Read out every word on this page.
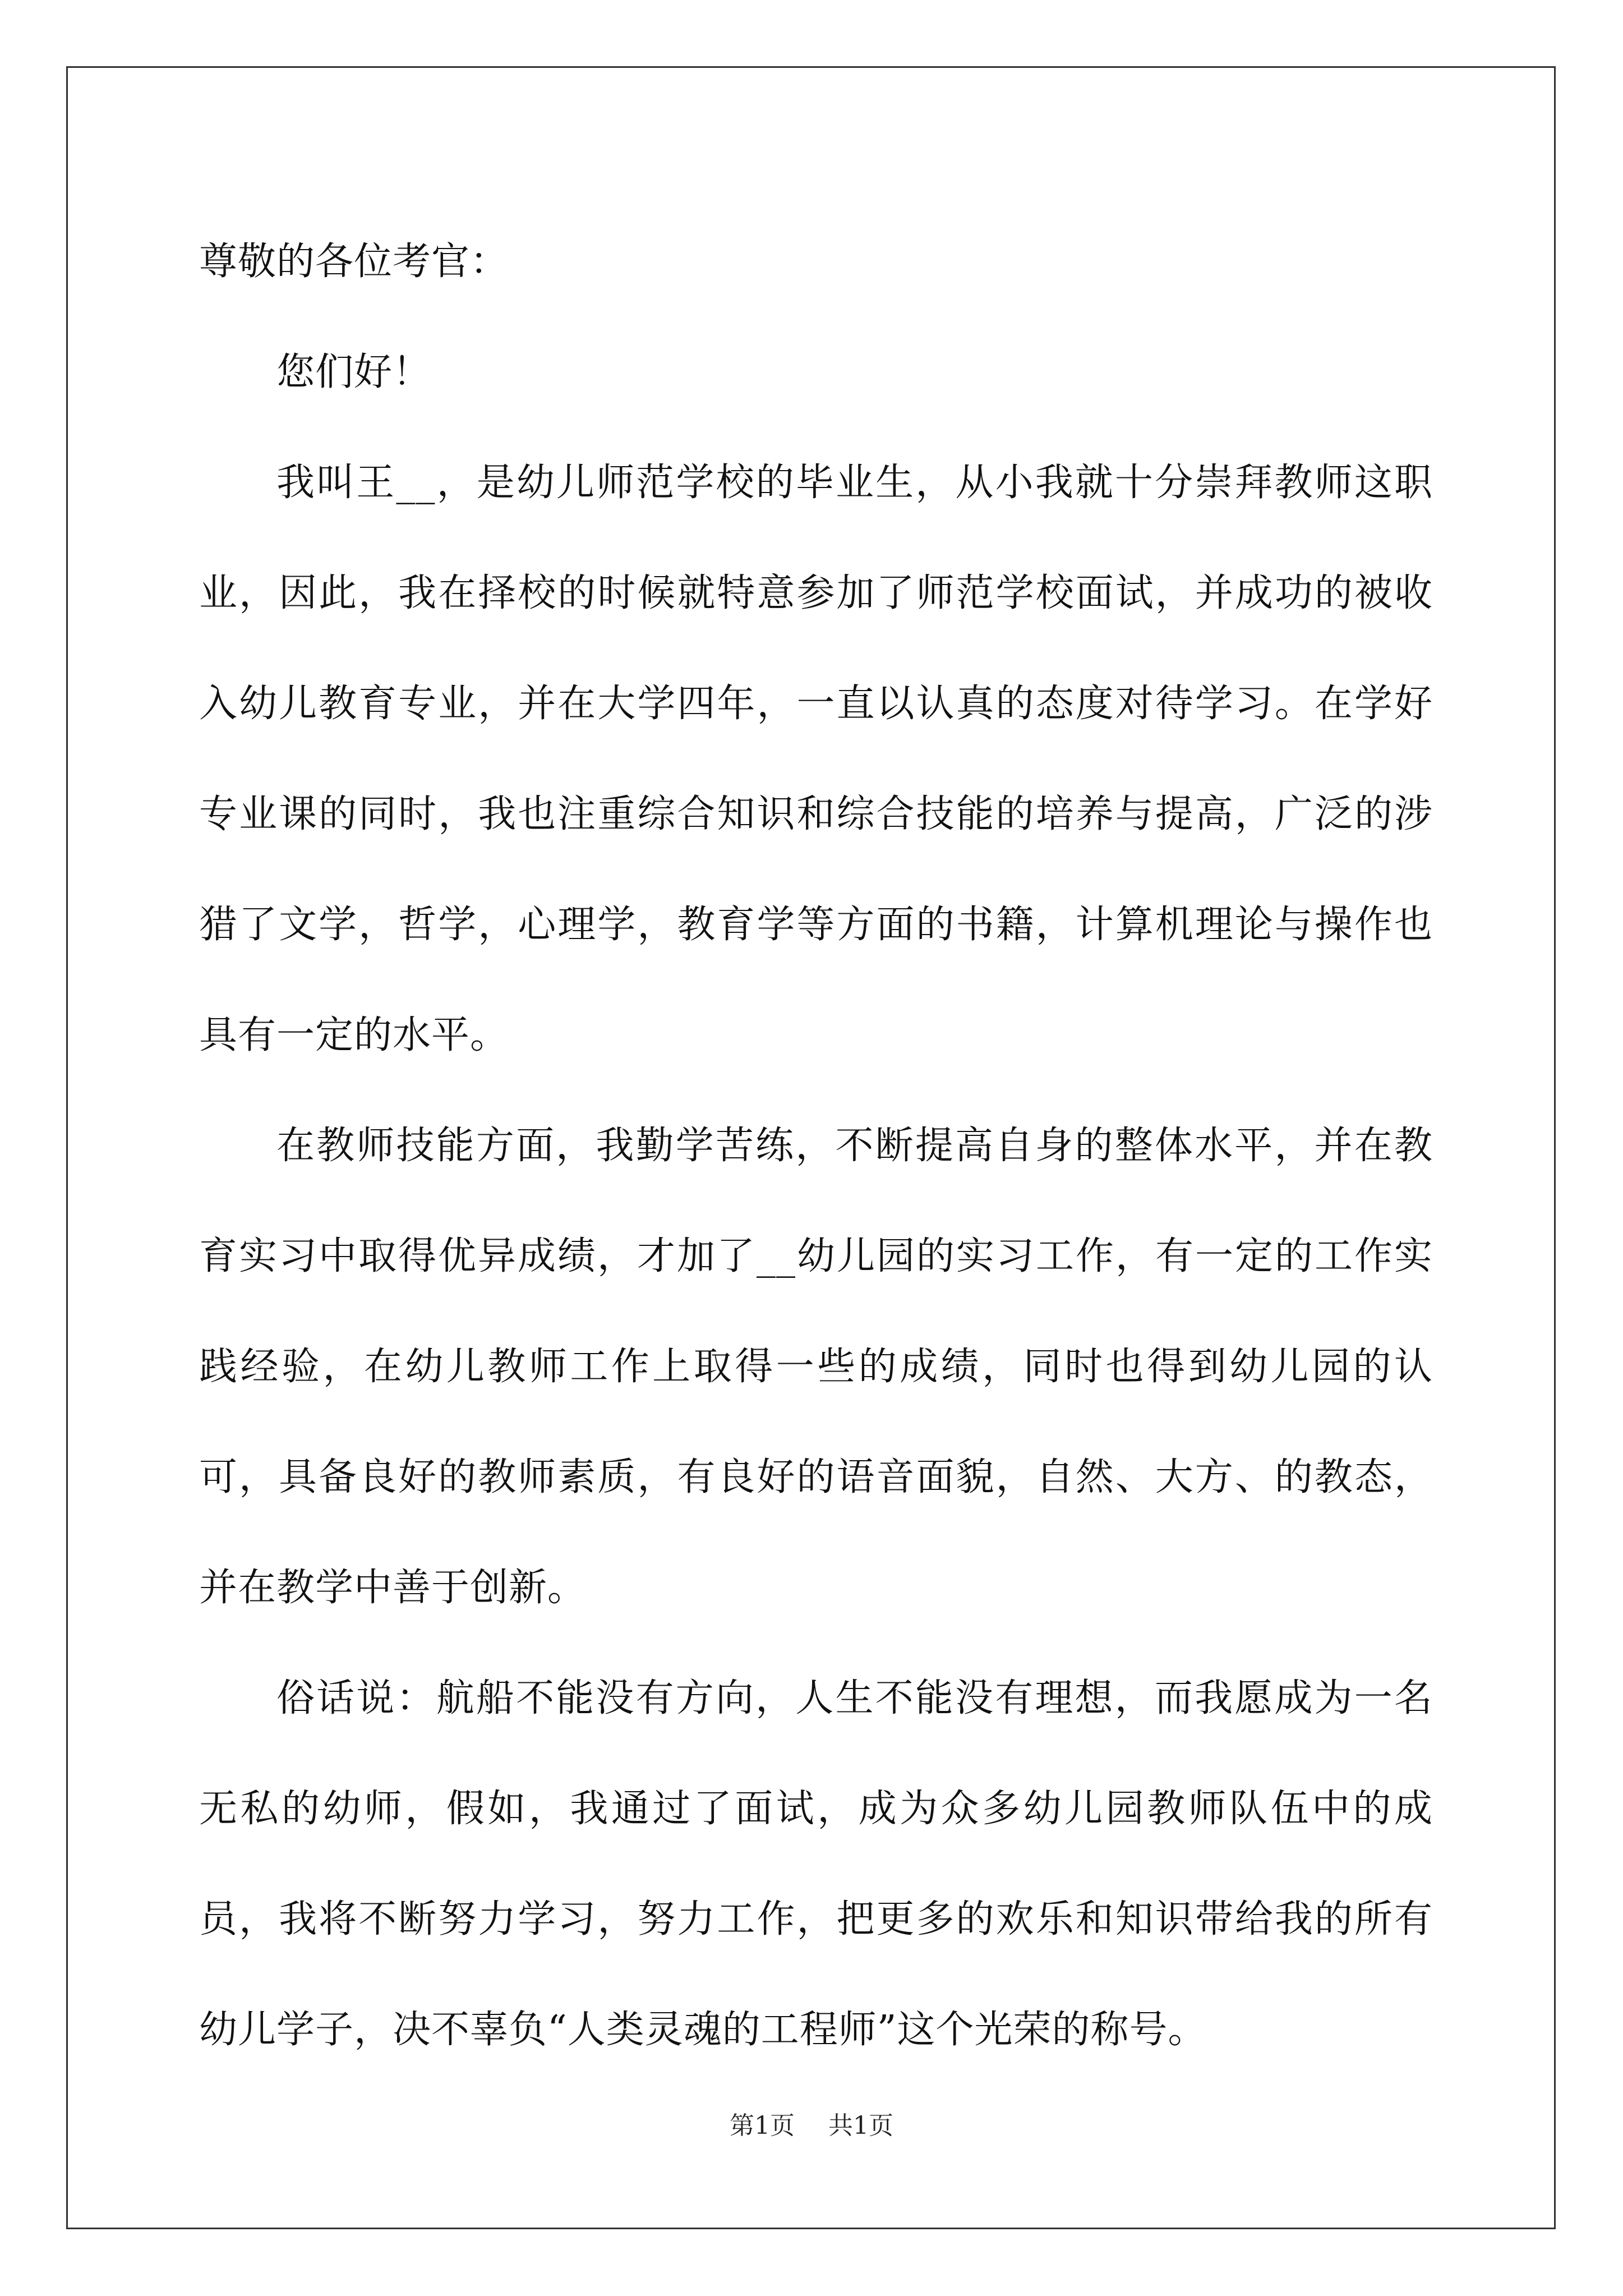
尊敬的各位考官：

您们好！

我叫王__，是幼儿师范学校的毕业生，从小我就十分崇拜教师这职业，因此，我在择校的时候就特意参加了师范学校面试，并成功的被收入幼儿教育专业，并在大学四年，一直以认真的态度对待学习。在学好专业课的同时，我也注重综合知识和综合技能的培养与提高，广泛的涉猎了文学，哲学，心理学，教育学等方面的书籍，计算机理论与操作也具有一定的水平。

在教师技能方面，我勤学苦练，不断提高自身的整体水平，并在教育实习中取得优异成绩，才加了__幼儿园的实习工作，有一定的工作实践经验，在幼儿教师工作上取得一些的成绩，同时也得到幼儿园的认可，具备良好的教师素质，有良好的语音面貌，自然、大方、的教态，并在教学中善于创新。

俗话说：航船不能没有方向，人生不能没有理想，而我愿成为一名无私的幼师，假如，我通过了面试，成为众多幼儿园教师队伍中的成员，我将不断努力学习，努力工作，把更多的欢乐和知识带给我的所有幼儿学子，决不辜负“人类灵魂的工程师”这个光荣的称号。

第1页 共1页
